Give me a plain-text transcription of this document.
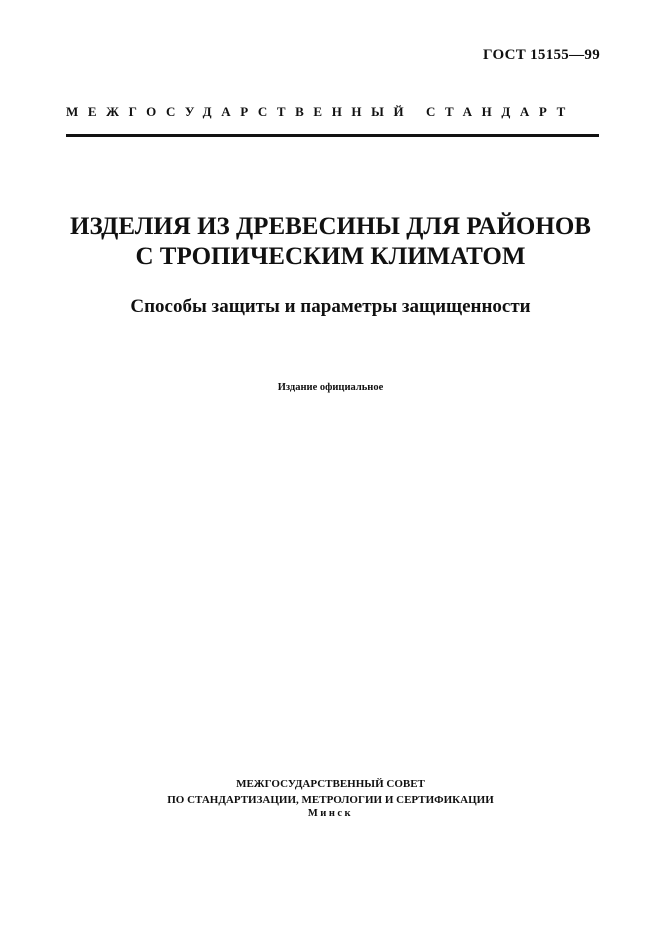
ГОСТ 15155—99
МЕЖГОСУДАРСТВЕННЫЙ СТАНДАРТ
ИЗДЕЛИЯ ИЗ ДРЕВЕСИНЫ ДЛЯ РАЙОНОВ
С ТРОПИЧЕСКИМ КЛИМАТОМ
Способы защиты и параметры защищенности
Издание официальное
МЕЖГОСУДАРСТВЕННЫЙ СОВЕТ
ПО СТАНДАРТИЗАЦИИ, МЕТРОЛОГИИ И СЕРТИФИКАЦИИ
Минск
